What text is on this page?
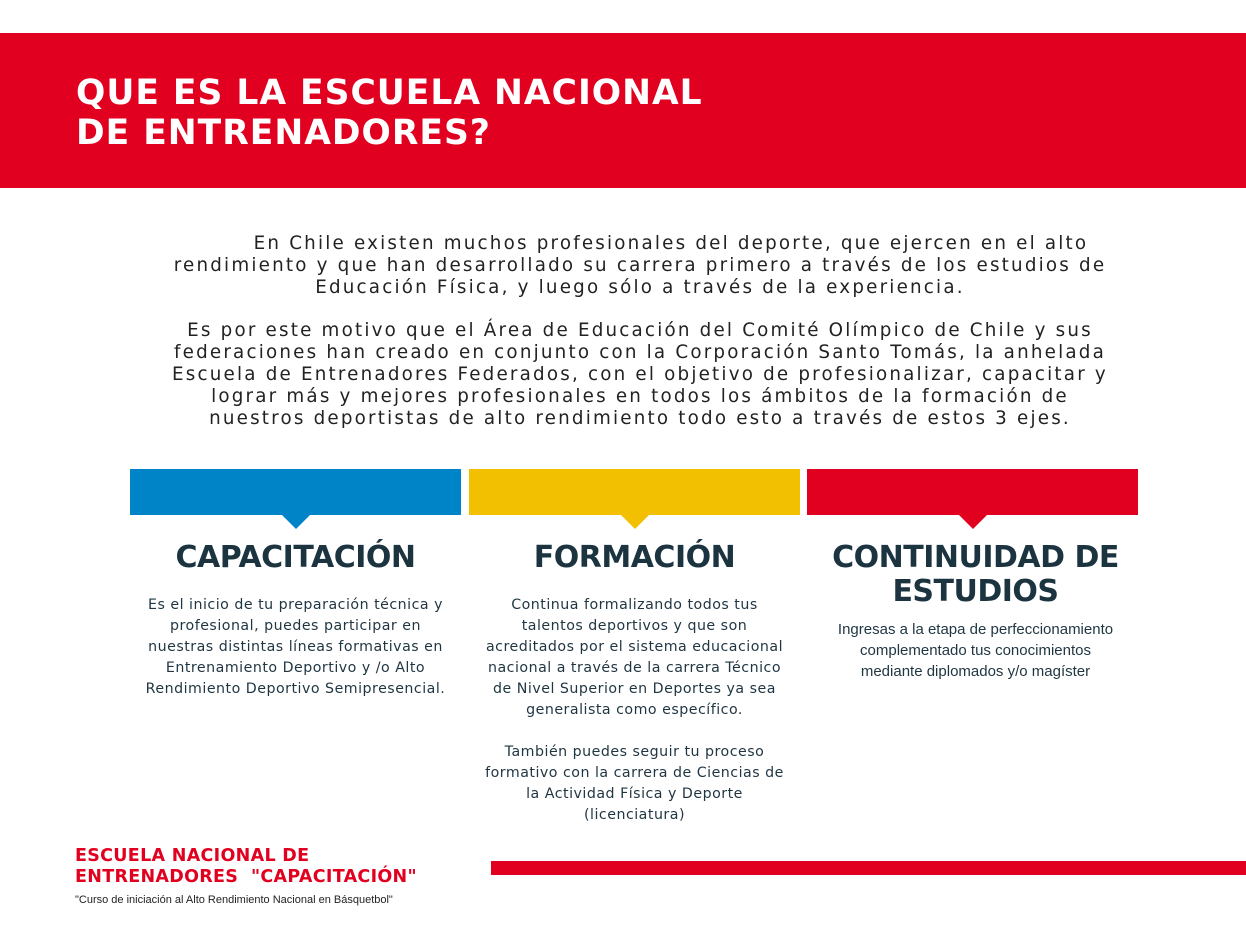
QUE ES LA ESCUELA NACIONAL
DE ENTRENADORES?
En Chile existen muchos profesionales del deporte, que ejercen en el alto
rendimiento y que han desarrollado su carrera primero a través de los estudios de
Educación Física, y luego sólo a través de la experiencia.
Es por este motivo que el Área de Educación del Comité Olímpico de Chile y sus
federaciones han creado en conjunto con la Corporación Santo Tomás, la anhelada
Escuela de Entrenadores Federados, con el objetivo de profesionalizar, capacitar y
lograr más y mejores profesionales en todos los ámbitos de la formación de
nuestros deportistas de alto rendimiento todo esto a través de estos 3 ejes.
CAPACITACIÓN
Es el inicio de tu preparación técnica y
profesional, puedes participar en
nuestras distintas líneas formativas en
Entrenamiento Deportivo y /o Alto
Rendimiento Deportivo Semipresencial.
FORMACIÓN
Continua formalizando todos tus
talentos deportivos y que son
acreditados por el sistema educacional
nacional a través de la carrera Técnico
de Nivel Superior en Deportes ya sea
generalista como específico.
También puedes seguir tu proceso
formativo con la carrera de Ciencias de
la Actividad Física y Deporte
(licenciatura)
CONTINUIDAD DE
ESTUDIOS
Ingresas a la etapa de perfeccionamiento
complementado tus conocimientos
mediante diplomados y/o magíster
ESCUELA NACIONAL DE
ENTRENADORES  "CAPACITACIÓN"
"Curso de iniciación al Alto Rendimiento Nacional en Básquetbol"
